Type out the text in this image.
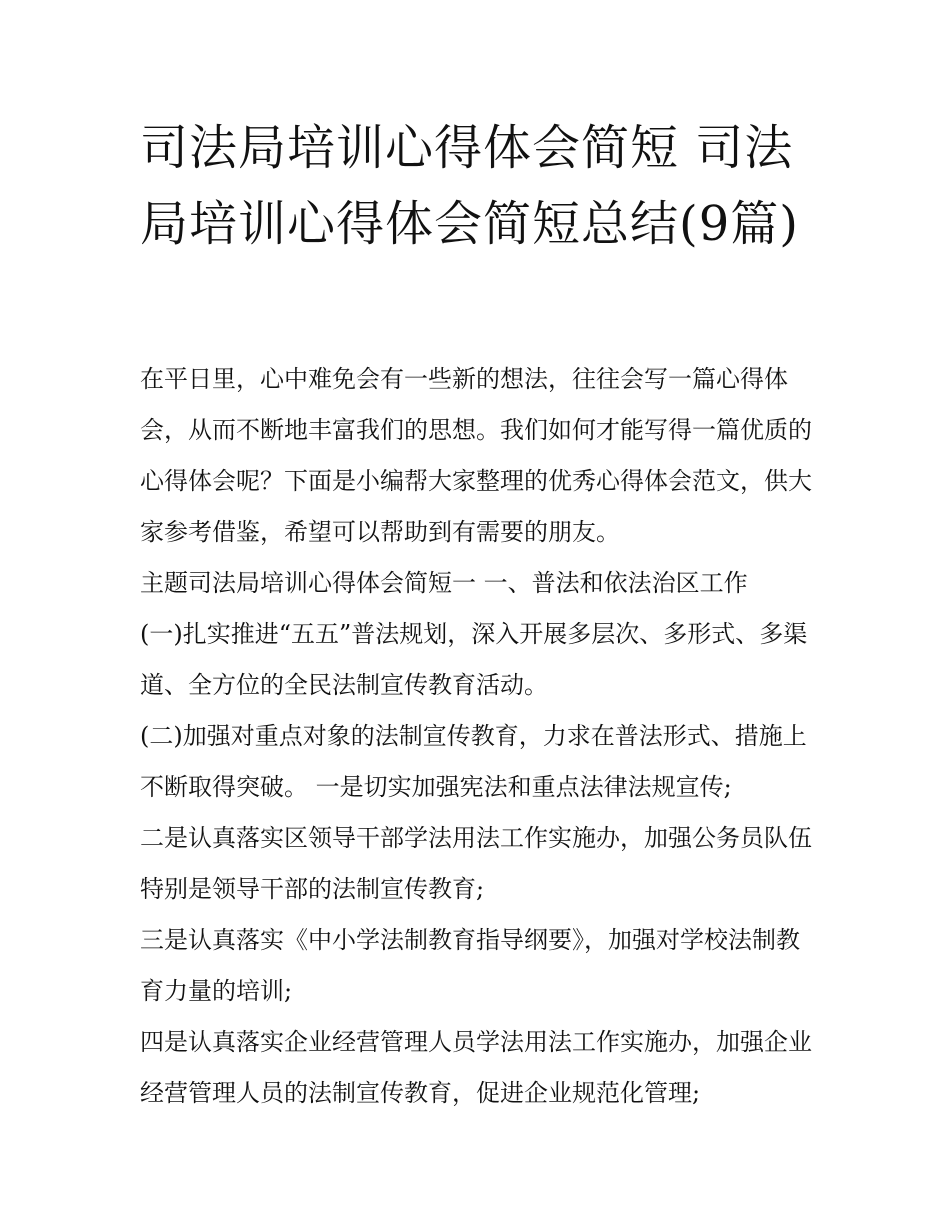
司法局培训心得体会简短 司法局培训心得体会简短总结(9篇)

在平日里，心中难免会有一些新的想法，往往会写一篇心得体会，从而不断地丰富我们的思想。我们如何才能写得一篇优质的心得体会呢？下面是小编帮大家整理的优秀心得体会范文，供大家参考借鉴，希望可以帮助到有需要的朋友。

主题司法局培训心得体会简短一 一、普法和依法治区工作

(一)扎实推进“五五”普法规划，深入开展多层次、多形式、多渠道、全方位的全民法制宣传教育活动。

(二)加强对重点对象的法制宣传教育，力求在普法形式、措施上不断取得突破。 一是切实加强宪法和重点法律法规宣传;

二是认真落实区领导干部学法用法工作实施办，加强公务员队伍特别是领导干部的法制宣传教育;

三是认真落实《中小学法制教育指导纲要》，加强对学校法制教育力量的培训;

四是认真落实企业经营管理人员学法用法工作实施办，加强企业经营管理人员的法制宣传教育，促进企业规范化管理;
